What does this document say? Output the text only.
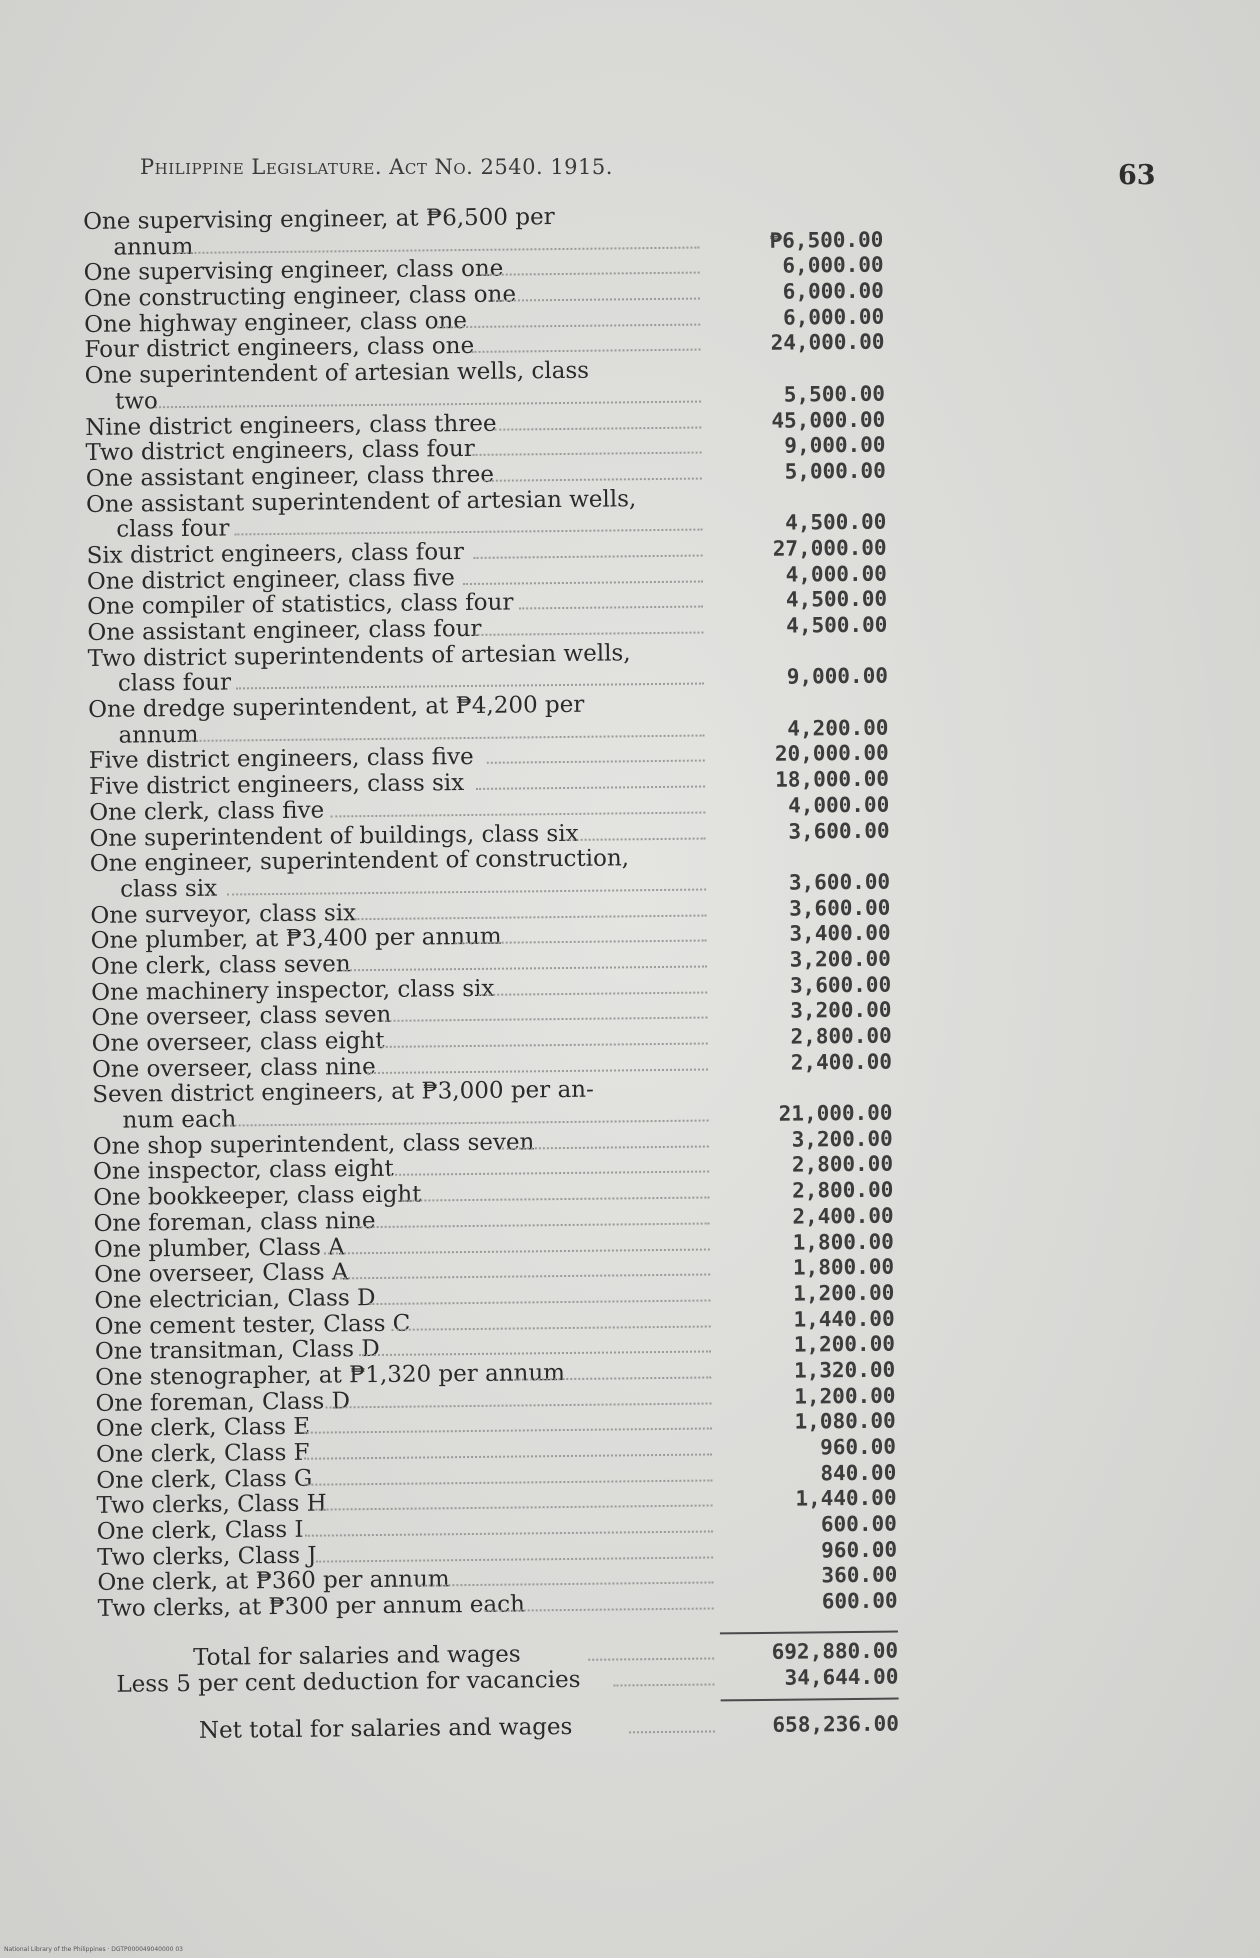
Philippine Legislature. Act No. 2540. 1915.	63
One supervising engineer, at ₱6,500 per
annum	₱6,500.00
One supervising engineer, class one	6,000.00
One constructing engineer, class one	6,000.00
One highway engineer, class one	6,000.00
Four district engineers, class one	24,000.00
One superintendent of artesian wells, class
two	5,500.00
Nine district engineers, class three	45,000.00
Two district engineers, class four	9,000.00
One assistant engineer, class three	5,000.00
One assistant superintendent of artesian wells,
class four	4,500.00
Six district engineers, class four	27,000.00
One district engineer, class five	4,000.00
One compiler of statistics, class four	4,500.00
One assistant engineer, class four	4,500.00
Two district superintendents of artesian wells,
class four	9,000.00
One dredge superintendent, at ₱4,200 per
annum	4,200.00
Five district engineers, class five	20,000.00
Five district engineers, class six	18,000.00
One clerk, class five	4,000.00
One superintendent of buildings, class six	3,600.00
One engineer, superintendent of construction,
class six	3,600.00
One surveyor, class six	3,600.00
One plumber, at ₱3,400 per annum	3,400.00
One clerk, class seven	3,200.00
One machinery inspector, class six	3,600.00
One overseer, class seven	3,200.00
One overseer, class eight	2,800.00
One overseer, class nine	2,400.00
Seven district engineers, at ₱3,000 per an-
num each	21,000.00
One shop superintendent, class seven	3,200.00
One inspector, class eight	2,800.00
One bookkeeper, class eight	2,800.00
One foreman, class nine	2,400.00
One plumber, Class A	1,800.00
One overseer, Class A	1,800.00
One electrician, Class D	1,200.00
One cement tester, Class C	1,440.00
One transitman, Class D	1,200.00
One stenographer, at ₱1,320 per annum	1,320.00
One foreman, Class D	1,200.00
One clerk, Class E	1,080.00
One clerk, Class F	960.00
One clerk, Class G	840.00
Two clerks, Class H	1,440.00
One clerk, Class I	600.00
Two clerks, Class J	960.00
One clerk, at ₱360 per annum	360.00
Two clerks, at ₱300 per annum each	600.00
Total for salaries and wages	692,880.00
Less 5 per cent deduction for vacancies	34,644.00
Net total for salaries and wages	658,236.00
National Library of the Philippines · DGTP000049040000 03
